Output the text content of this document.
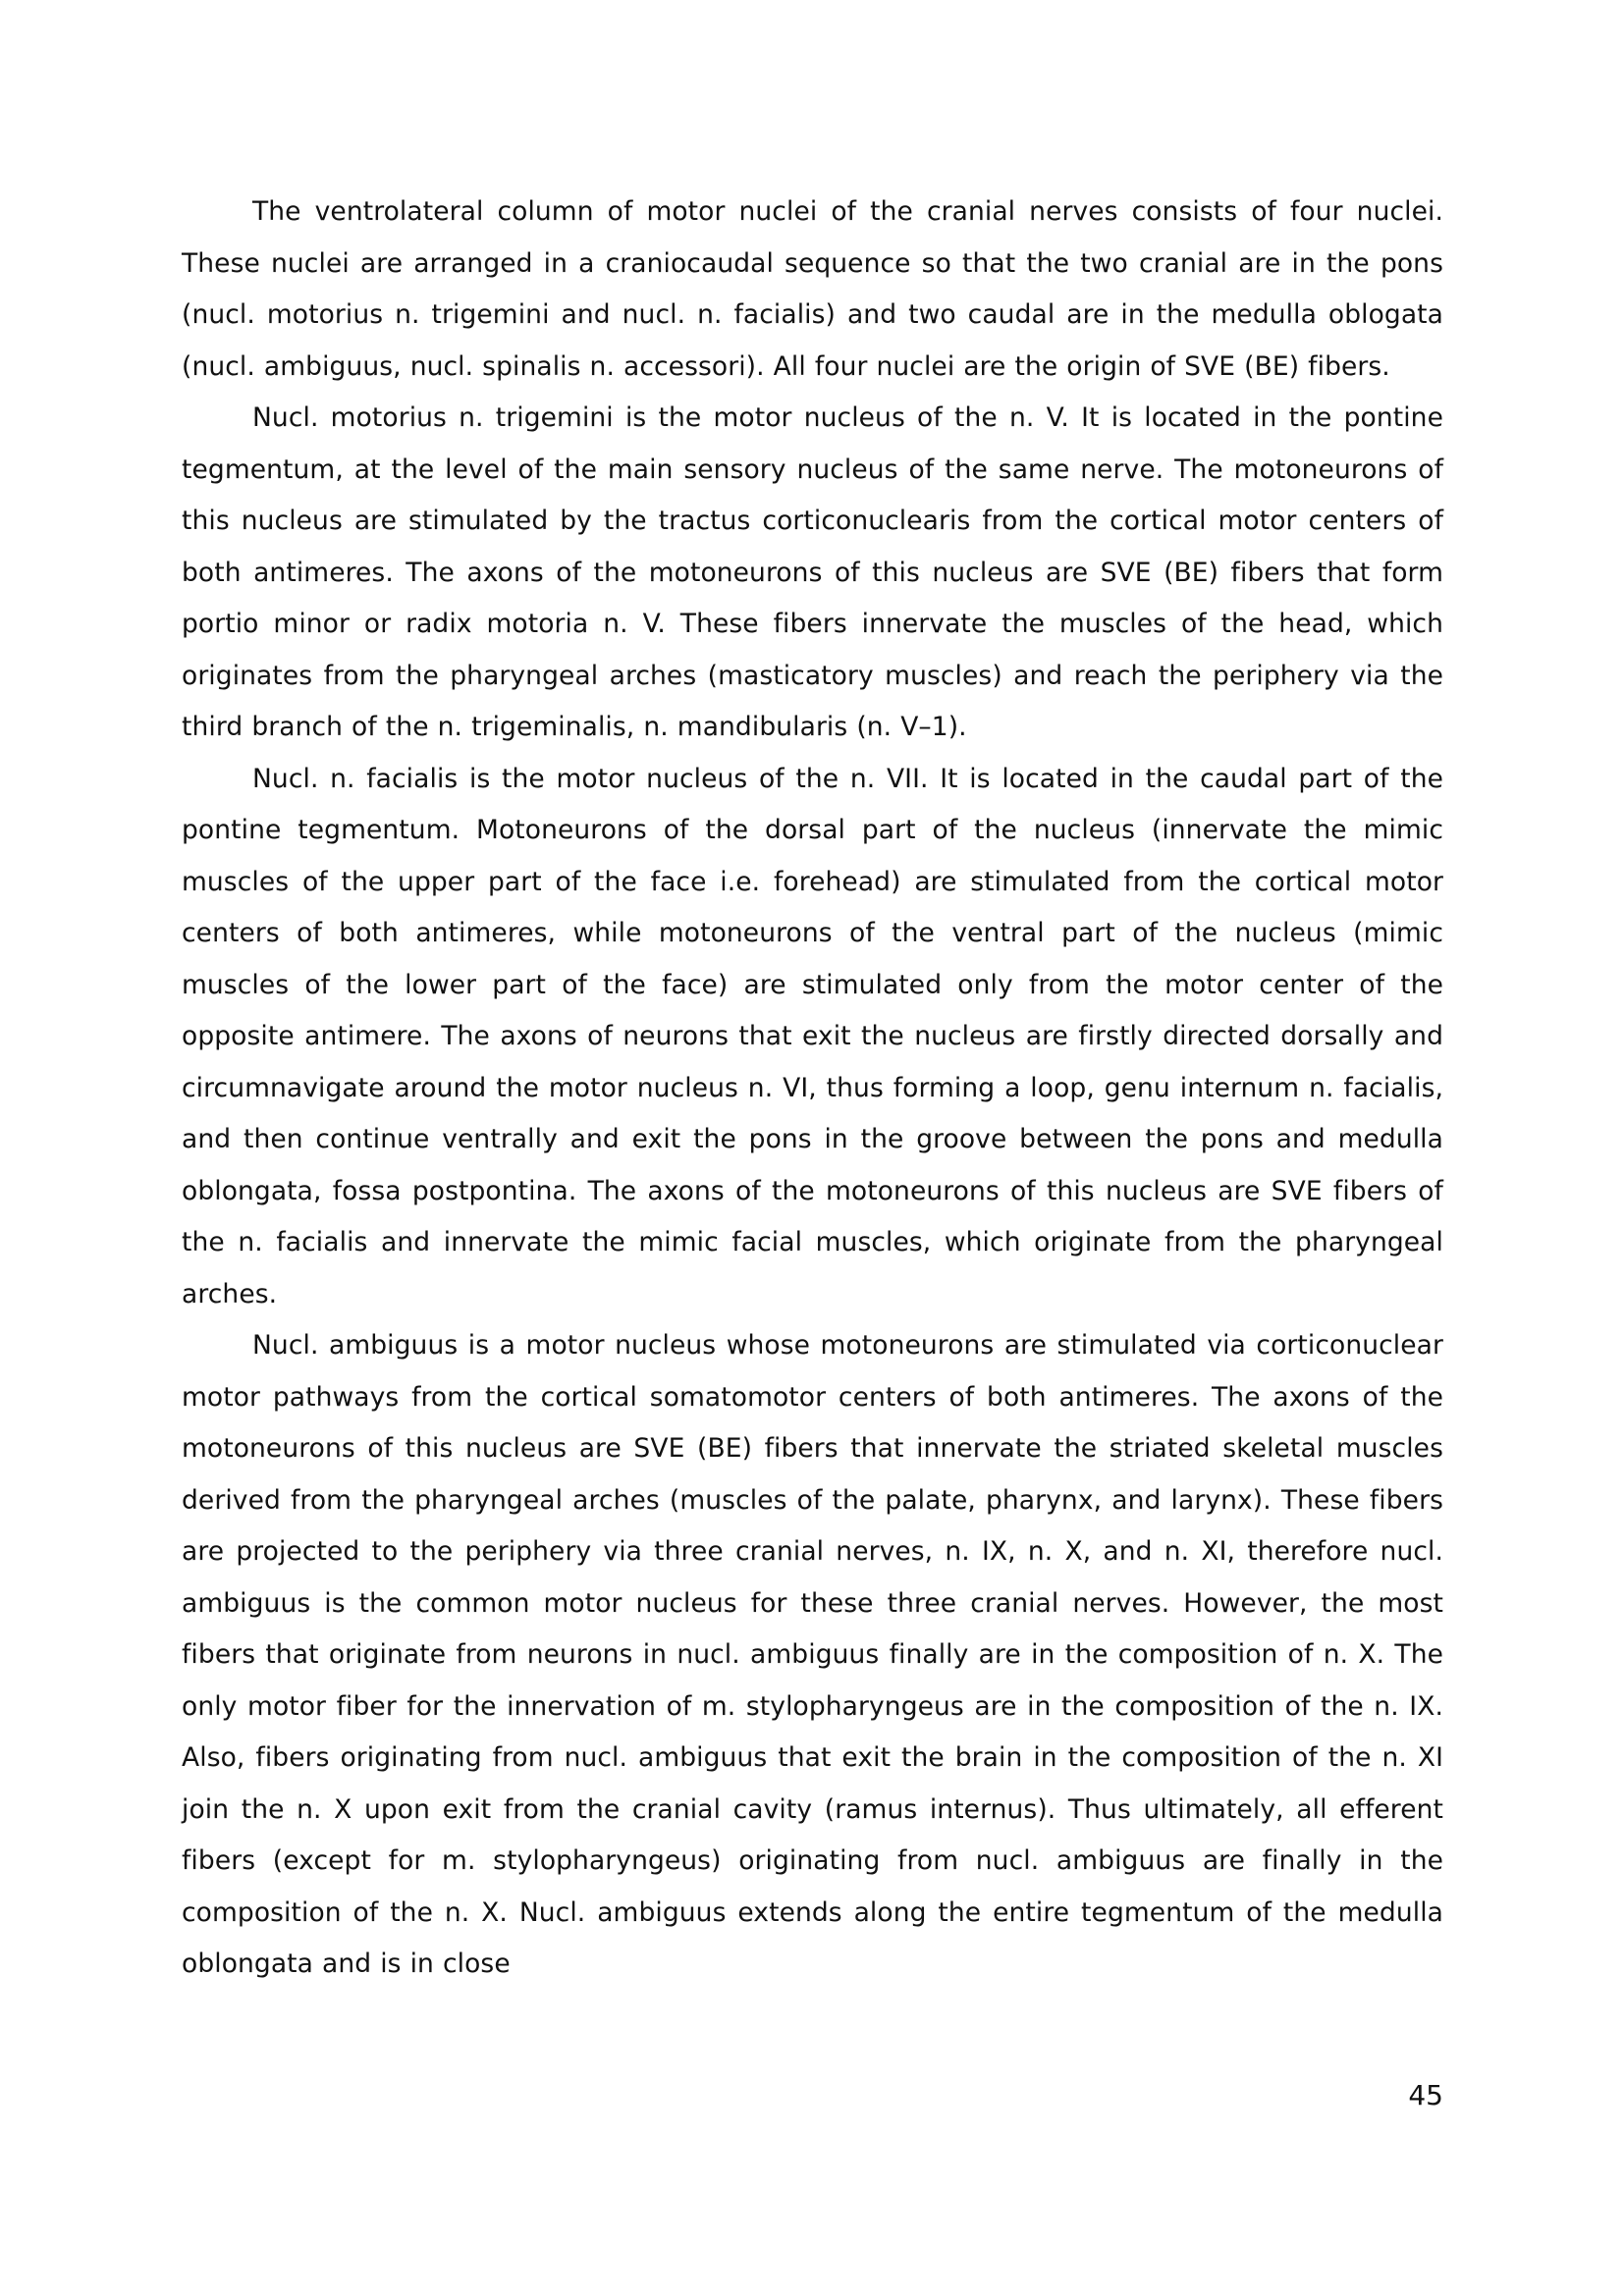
The ventrolateral column of motor nuclei of the cranial nerves consists of four nuclei. These nuclei are arranged in a craniocaudal sequence so that the two cranial are in the pons (nucl. motorius n. trigemini and nucl. n. facialis) and two caudal are in the medulla oblogata (nucl. ambiguus, nucl. spinalis n. accessori). All four nuclei are the origin of SVE (BE) fibers.

Nucl. motorius n. trigemini is the motor nucleus of the n. V. It is located in the pontine tegmentum, at the level of the main sensory nucleus of the same nerve. The motoneurons of this nucleus are stimulated by the tractus corticonuclearis from the cortical motor centers of both antimeres. The axons of the motoneurons of this nucleus are SVE (BE) fibers that form portio minor or radix motoria n. V. These fibers innervate the muscles of the head, which originates from the pharyngeal arches (masticatory muscles) and reach the periphery via the third branch of the n. trigeminalis, n. mandibularis (n. V–1).

Nucl. n. facialis is the motor nucleus of the n. VII. It is located in the caudal part of the pontine tegmentum. Motoneurons of the dorsal part of the nucleus (innervate the mimic muscles of the upper part of the face i.e. forehead) are stimulated from the cortical motor centers of both antimeres, while motoneurons of the ventral part of the nucleus (mimic muscles of the lower part of the face) are stimulated only from the motor center of the opposite antimere. The axons of neurons that exit the nucleus are firstly directed dorsally and circumnavigate around the motor nucleus n. VI, thus forming a loop, genu internum n. facialis, and then continue ventrally and exit the pons in the groove between the pons and medulla oblongata, fossa postpontina. The axons of the motoneurons of this nucleus are SVE fibers of the n. facialis and innervate the mimic facial muscles, which originate from the pharyngeal arches.

Nucl. ambiguus is a motor nucleus whose motoneurons are stimulated via corticonuclear motor pathways from the cortical somatomotor centers of both antimeres. The axons of the motoneurons of this nucleus are SVE (BE) fibers that innervate the striated skeletal muscles derived from the pharyngeal arches (muscles of the palate, pharynx, and larynx). These fibers are projected to the periphery via three cranial nerves, n. IX, n. X, and n. XI, therefore nucl. ambiguus is the common motor nucleus for these three cranial nerves. However, the most fibers that originate from neurons in nucl. ambiguus finally are in the composition of n. X. The only motor fiber for the innervation of m. stylopharyngeus are in the composition of the n. IX. Also, fibers originating from nucl. ambiguus that exit the brain in the composition of the n. XI join the n. X upon exit from the cranial cavity (ramus internus). Thus ultimately, all efferent fibers (except for m. stylopharyngeus) originating from nucl. ambiguus are finally in the composition of the n. X. Nucl. ambiguus extends along the entire tegmentum of the medulla oblongata and is in close

45
